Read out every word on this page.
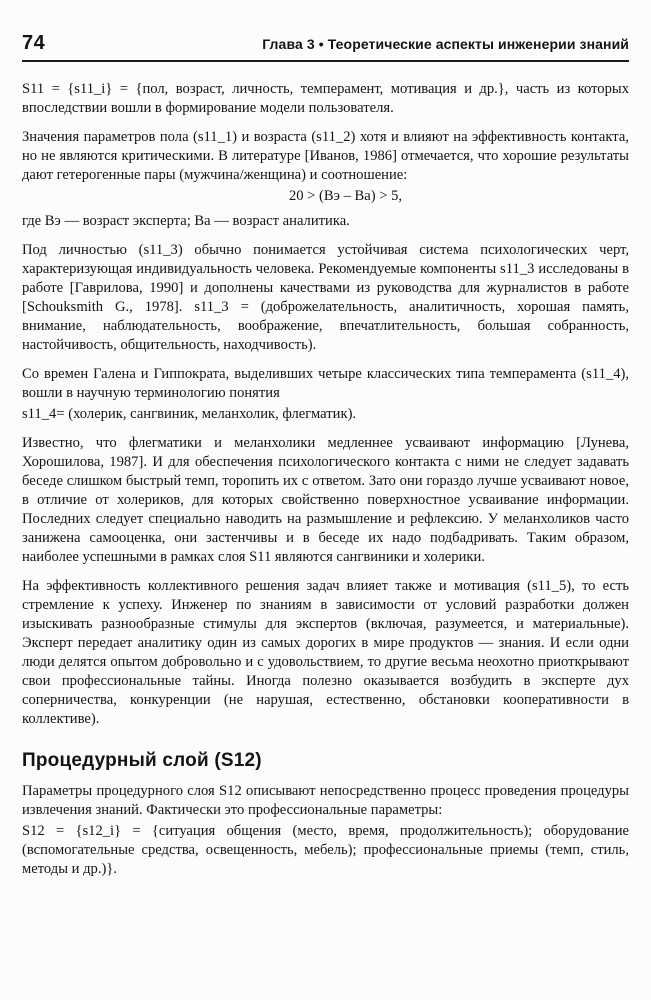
74	Глава 3 • Теоретические аспекты инженерии знаний

S11 = {s11_i} = {пол, возраст, личность, темперамент, мотивация и др.}, часть из которых впоследствии вошли в формирование модели пользователя.

Значения параметров пола (s11_1) и возраста (s11_2) хотя и влияют на эффективность контакта, но не являются критическими. В литературе [Иванов, 1986] отмечается, что хорошие результаты дают гетерогенные пары (мужчина/женщина) и соотношение:

20 > (Bэ – Bа) > 5,

где Bэ — возраст эксперта; Bа — возраст аналитика.

Под личностью (s11_3) обычно понимается устойчивая система психологических черт, характеризующая индивидуальность человека. Рекомендуемые компоненты s11_3 исследованы в работе [Гаврилова, 1990] и дополнены качествами из руководства для журналистов в работе [Schouksmith G., 1978]. s11_3 = (доброжелательность, аналитичность, хорошая память, внимание, наблюдательность, воображение, впечатлительность, большая собранность, настойчивость, общительность, находчивость).

Со времен Галена и Гиппократа, выделивших четыре классических типа темперамента (s11_4), вошли в научную терминологию понятия

s11_4= (холерик, сангвиник, меланхолик, флегматик).

Известно, что флегматики и меланхолики медленнее усваивают информацию [Лунева, Хорошилова, 1987]. И для обеспечения психологического контакта с ними не следует задавать беседе слишком быстрый темп, торопить их с ответом. Зато они гораздо лучше усваивают новое, в отличие от холериков, для которых свойственно поверхностное усваивание информации. Последних следует специально наводить на размышление и рефлексию. У меланхоликов часто занижена самооценка, они застенчивы и в беседе их надо подбадривать. Таким образом, наиболее успешными в рамках слоя S11 являются сангвиники и холерики.

На эффективность коллективного решения задач влияет также и мотивация (s11_5), то есть стремление к успеху. Инженер по знаниям в зависимости от условий разработки должен изыскивать разнообразные стимулы для экспертов (включая, разумеется, и материальные). Эксперт передает аналитику один из самых дорогих в мире продуктов — знания. И если одни люди делятся опытом добровольно и с удовольствием, то другие весьма неохотно приоткрывают свои профессиональные тайны. Иногда полезно оказывается возбудить в эксперте дух соперничества, конкуренции (не нарушая, естественно, обстановки кооперативности в коллективе).

Процедурный слой (S12)

Параметры процедурного слоя S12 описывают непосредственно процесс проведения процедуры извлечения знаний. Фактически это профессиональные параметры:

S12 = {s12_i} = {ситуация общения (место, время, продолжительность); оборудование (вспомогательные средства, освещенность, мебель); профессиональные приемы (темп, стиль, методы и др.)}.
